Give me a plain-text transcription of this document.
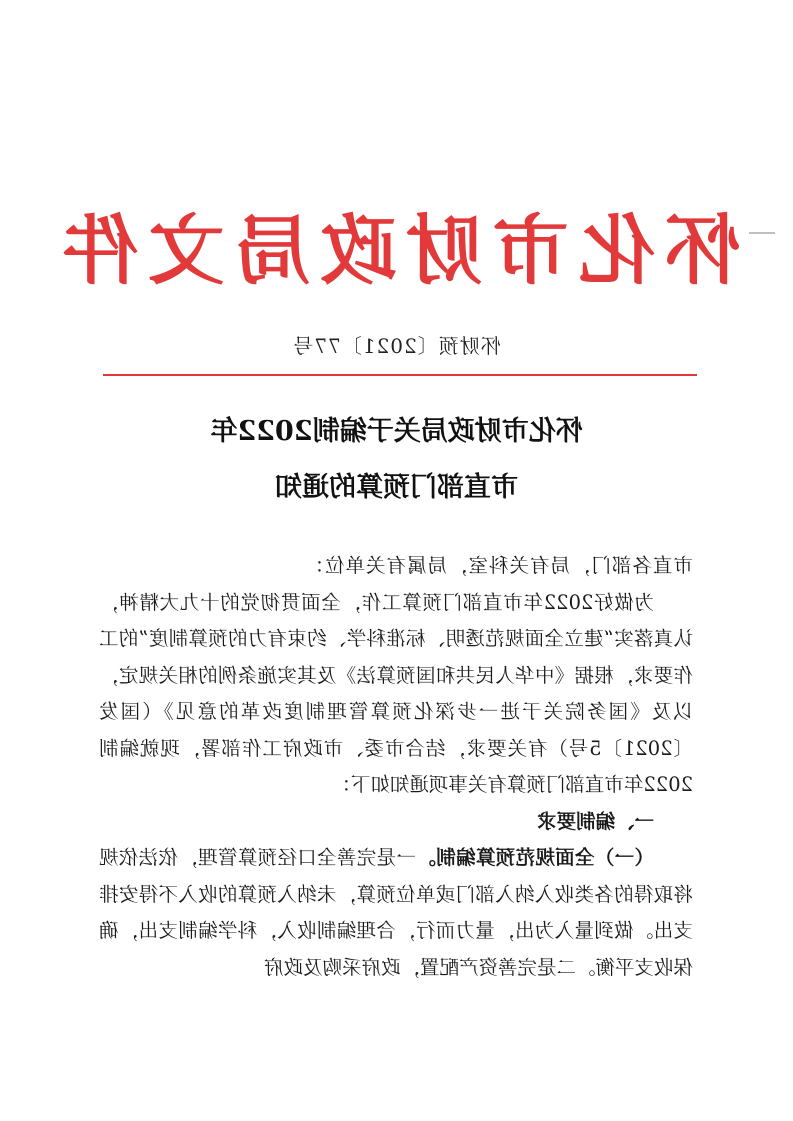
怀化市财政局文件
怀财预〔2021〕77号
怀化市财政局关于编制2022年
市直部门预算的通知

市直各部门，局有关科室，局属有关单位：

为做好2022年市直部门预算工作，全面贯彻党的十九大精神，认真落实“建立全面规范透明、标准科学、约束有力的预算制度”的工作要求，根据《中华人民共和国预算法》及其实施条例的相关规定，以及《国务院关于进一步深化预算管理制度改革的意见》（国发〔2021〕5号）有关要求，结合市委、市政府工作部署，现就编制2022年市直部门预算有关事项通知如下：

一、编制要求

（一）全面规范预算编制。一是完善全口径预算管理，依法依规将取得的各类收入纳入部门或单位预算，未纳入预算的收入不得安排支出。做到量入为出，量力而行，合理编制收入，科学编制支出，确保收支平衡。二是完善资产配置，政府采购及政府
